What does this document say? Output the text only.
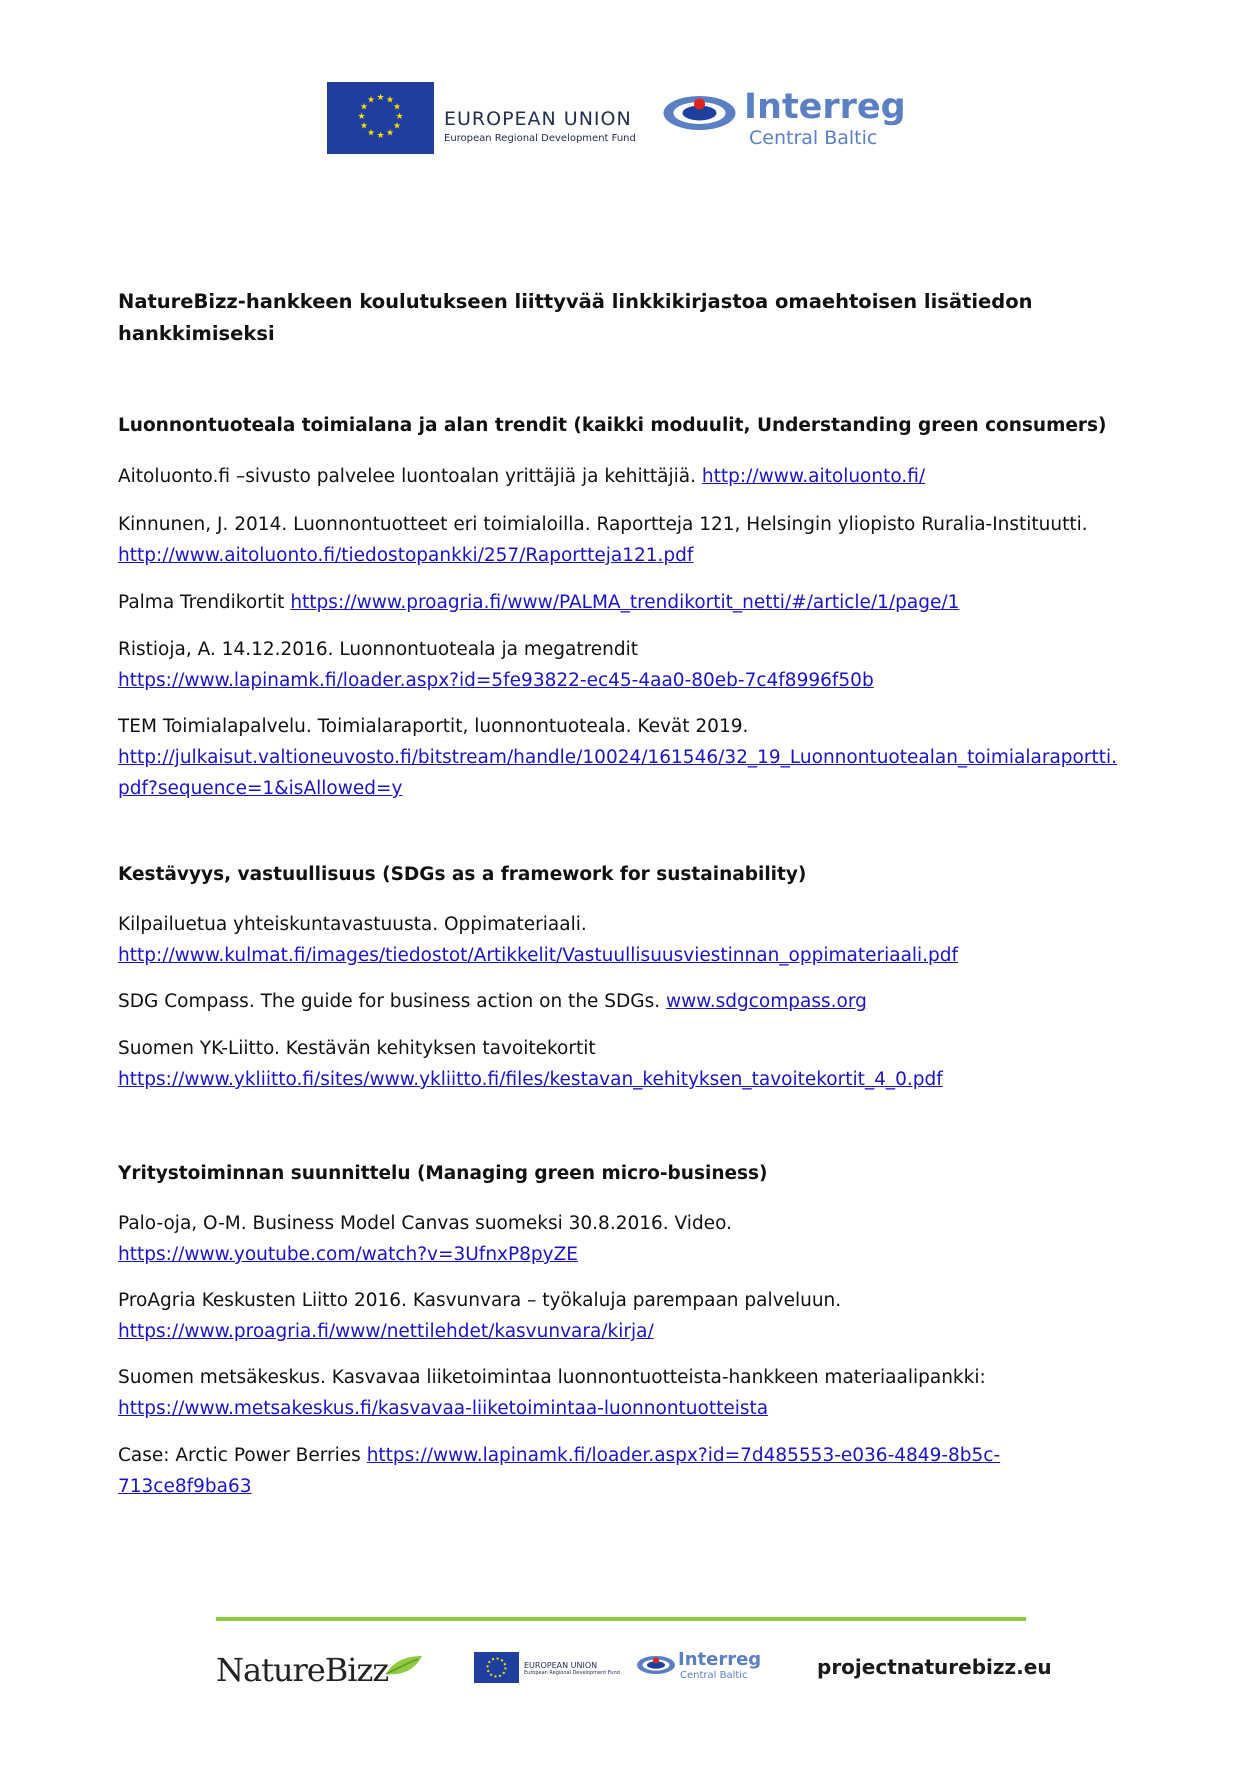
★ ★
★
★
★
★
★
★
★
★
★
★
EUROPEAN UNION
European Regional Development Fund
Interreg
Central Baltic
NatureBizz-hankkeen koulutukseen liittyvää linkkikirjastoa omaehtoisen lisätiedon hankkimiseksi
Luonnontuoteala toimialana ja alan trendit (kaikki moduulit, Understanding green consumers)

Aitoluonto.fi –sivusto palvelee luontoalan yrittäjiä ja kehittäjiä. http://www.aitoluonto.fi/

Kinnunen, J. 2014. Luonnontuotteet eri toimialoilla. Raportteja 121, Helsingin yliopisto Ruralia-Instituutti.
http://www.aitoluonto.fi/tiedostopankki/257/Raportteja121.pdf

Palma Trendikortit https://www.proagria.fi/www/PALMA_trendikortit_netti/#/article/1/page/1

Ristioja, A. 14.12.2016. Luonnontuoteala ja megatrendit
https://www.lapinamk.fi/loader.aspx?id=5fe93822-ec45-4aa0-80eb-7c4f8996f50b

TEM Toimialapalvelu. Toimialaraportit, luonnontuoteala. Kevät 2019.
http://julkaisut.valtioneuvosto.fi/bitstream/handle/10024/161546/32_19_Luonnontuotealan_toimialaraportti.pdf?sequence=1&isAllowed=y

Kestävyys, vastuullisuus (SDGs as a framework for sustainability)

Kilpailuetua yhteiskuntavastuusta. Oppimateriaali.
http://www.kulmat.fi/images/tiedostot/Artikkelit/Vastuullisuusviestinnan_oppimateriaali.pdf

SDG Compass. The guide for business action on the SDGs. www.sdgcompass.org

Suomen YK-Liitto. Kestävän kehityksen tavoitekortit
https://www.ykliitto.fi/sites/www.ykliitto.fi/files/kestavan_kehityksen_tavoitekortit_4_0.pdf

Yritystoiminnan suunnittelu (Managing green micro-business)

Palo-oja, O-M. Business Model Canvas suomeksi 30.8.2016. Video.
https://www.youtube.com/watch?v=3UfnxP8pyZE

ProAgria Keskusten Liitto 2016. Kasvunvara – työkaluja parempaan palveluun.
https://www.proagria.fi/www/nettilehdet/kasvunvara/kirja/

Suomen metsäkeskus. Kasvavaa liiketoimintaa luonnontuotteista-hankkeen materiaalipankki:
https://www.metsakeskus.fi/kasvavaa-liiketoimintaa-luonnontuotteista

Case: Arctic Power Berries https://www.lapinamk.fi/loader.aspx?id=7d485553-e036-4849-8b5c-713ce8f9ba63

NatureBizz	EUROPEAN UNION
European Regional Development Fund
Interreg
Central Baltic	projectnaturebizz.eu
